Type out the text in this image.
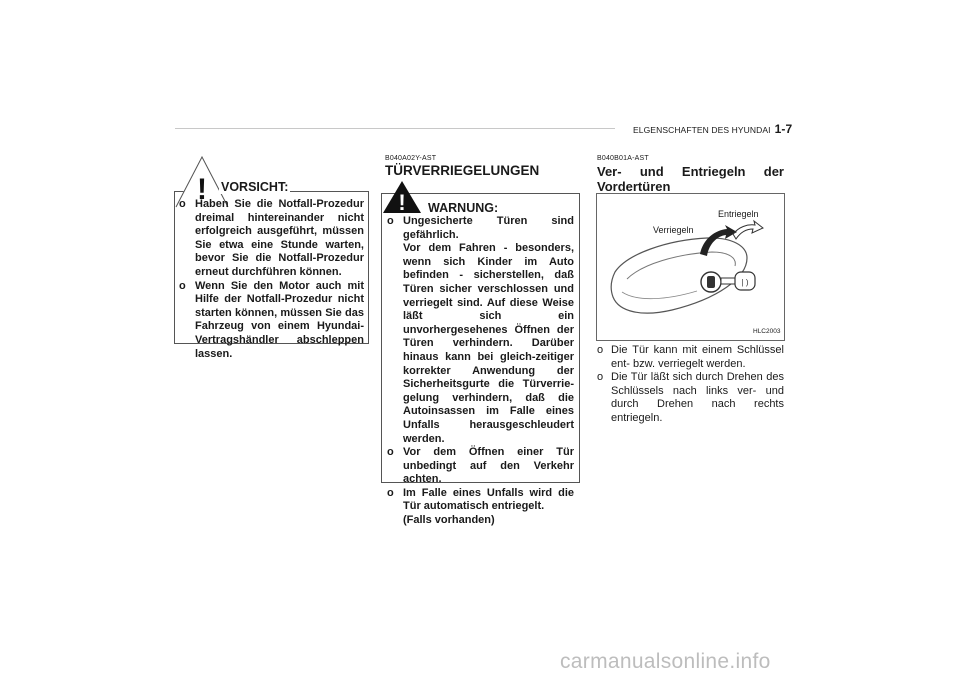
ELGENSCHAFTEN DES HYUNDAI 1-7
! VORSICHT:
o Haben Sie die Notfall-Prozedur dreimal hintereinander nicht erfolgreich ausgeführt, müssen Sie etwa eine Stunde warten, bevor Sie die Notfall-Prozedur erneut durchführen können.
o Wenn Sie den Motor auch mit Hilfe der Notfall-Prozedur nicht starten können, müssen Sie das Fahrzeug von einem Hyundai-Vertragshändler abschleppen lassen.
B040A02Y-AST
TÜRVERRIEGELUNGEN
! WARNUNG:
o Ungesicherte Türen sind gefährlich.
Vor dem Fahren - besonders, wenn sich Kinder im Auto befinden - sicherstellen, daß Türen sicher verschlossen und verriegelt sind. Auf diese Weise läßt sich ein unvorhergesehenes Öffnen der Türen verhindern. Darüber hinaus kann bei gleich-zeitiger korrekter Anwendung der Sicherheitsgurte die Türverrie-gelung verhindern, daß die Autoinsassen im Falle eines Unfalls herausgeschleudert werden.
o Vor dem Öffnen einer Tür unbedingt auf den Verkehr achten.
o Im Falle eines Unfalls wird die Tür automatisch entriegelt.
(Falls vorhanden)
B040B01A-AST
Ver- und Entriegeln der Vordertüren
| )
Verriegeln
Entriegeln
HLC2003
o Die Tür kann mit einem Schlüssel ent- bzw. verriegelt werden.
o Die Tür läßt sich durch Drehen des Schlüssels nach links ver- und durch Drehen nach rechts entriegeln.
carmanualsonline.info
